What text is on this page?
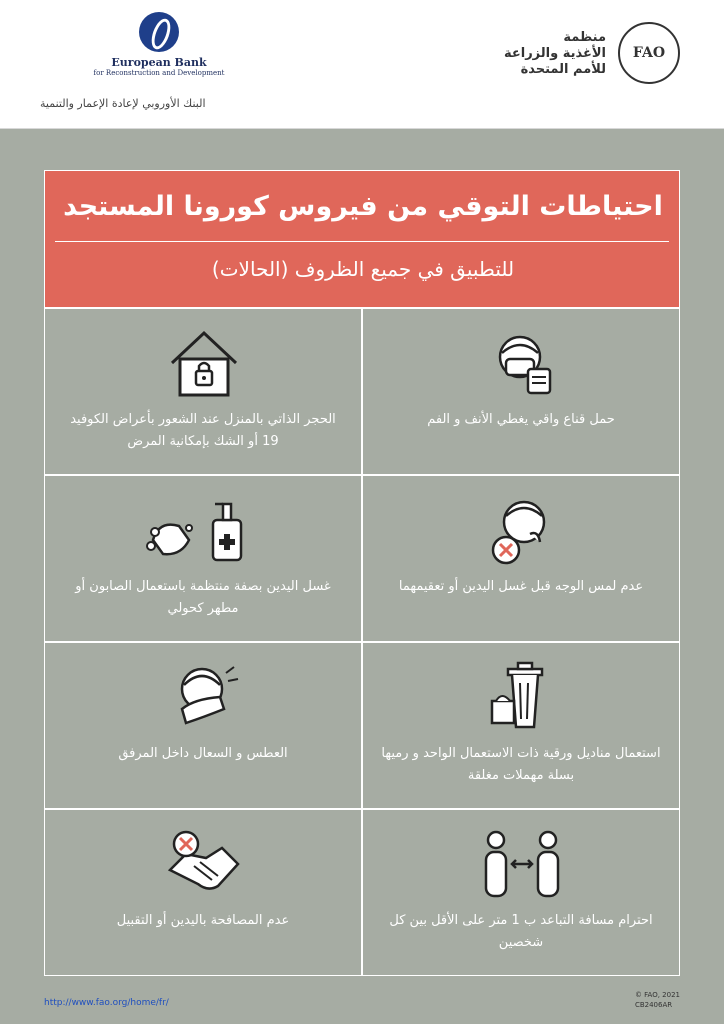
European Bank
for Reconstruction and Development
البنك الأوروبي لإعادة الإعمار والتنمية
منظمة
الأغذية والزراعة
للأمم المتحدة
FAO
احتياطات التوقي من فيروس كورونا المستجد
للتطبيق في جميع الظروف (الحالات)
حمل قناع واقي يغطي الأنف و الفم
الحجر الذاتي بالمنزل عند الشعور بأعراض الكوفيد 19 أو الشك بإمكانية المرض
عدم لمس الوجه قبل غسل اليدين أو تعقيمهما
غسل اليدين بصفة منتظمة باستعمال الصابون أو مطهر كحولي
استعمال مناديل ورقية ذات الاستعمال الواحد و رميها بسلة مهملات مغلقة
العطس و السعال داخل المرفق
احترام مسافة التباعد ب 1 متر على الأقل بين كل شخصين
عدم المصافحة باليدين أو التقبيل
http://www.fao.org/home/fr/
© FAO, 2021
CB2406AR
